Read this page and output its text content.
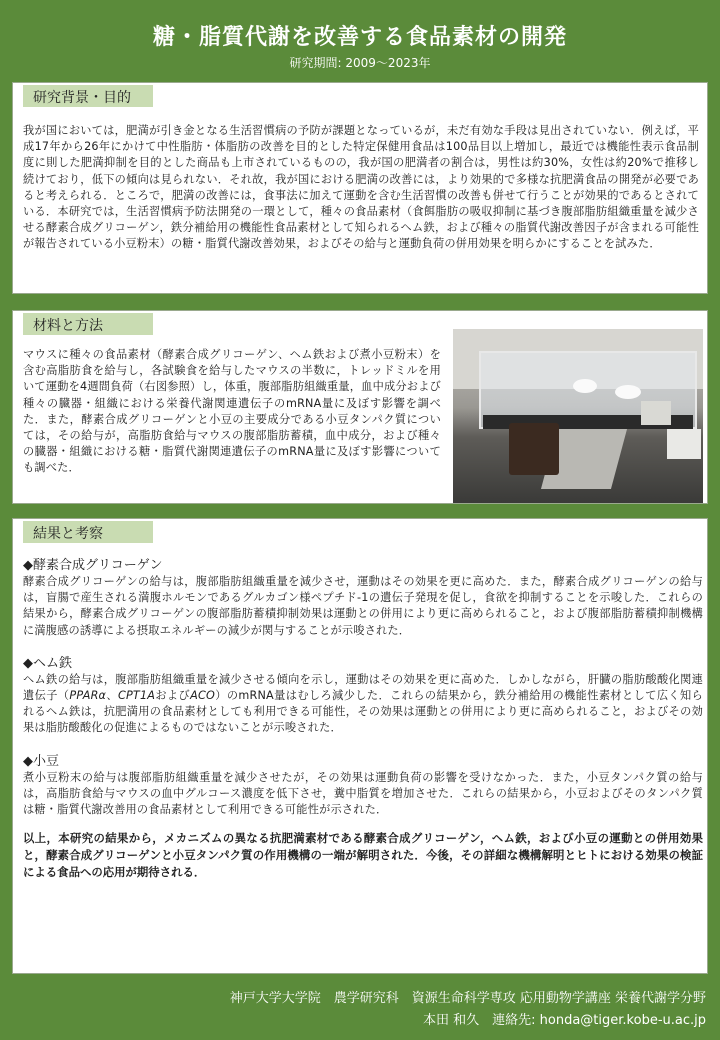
糖・脂質代謝を改善する食品素材の開発
研究期間: 2009〜2023年
研究背景・目的
我が国においては，肥満が引き金となる生活習慣病の予防が課題となっているが，未だ有効な手段は見出されていない．例えば，平成17年から26年にかけて中性脂肪・体脂肪の改善を目的とした特定保健用食品は100品目以上増加し，最近では機能性表示食品制度に則した肥満抑制を目的とした商品も上市されているものの，我が国の肥満者の割合は，男性は約30%，女性は約20%で推移し続けており，低下の傾向は見られない．それ故，我が国における肥満の改善には，より効果的で多様な抗肥満食品の開発が必要であると考えられる．ところで，肥満の改善には，食事法に加えて運動を含む生活習慣の改善も併せて行うことが効果的であるとされている．本研究では，生活習慣病予防法開発の一環として，種々の食品素材（食餌脂肪の吸収抑制に基づき腹部脂肪組織重量を減少させる酵素合成グリコーゲン，鉄分補給用の機能性食品素材として知られるヘム鉄，および種々の脂質代謝改善因子が含まれる可能性が報告されている小豆粉末）の糖・脂質代謝改善効果，およびその給与と運動負荷の併用効果を明らかにすることを試みた．
材料と方法
マウスに種々の食品素材（酵素合成グリコーゲン、ヘム鉄および煮小豆粉末）を含む高脂肪食を給与し，各試験食を給与したマウスの半数に，トレッドミルを用いて運動を4週間負荷（右図参照）し，体重，腹部脂肪組織重量，血中成分および種々の臓器・組織における栄養代謝関連遺伝子のmRNA量に及ぼす影響を調べた．また，酵素合成グリコーゲンと小豆の主要成分である小豆タンパク質については，その給与が，高脂肪食給与マウスの腹部脂肪蓄積，血中成分，および種々の臓器・組織における糖・脂質代謝関連遺伝子のmRNA量に及ぼす影響についても調べた．
結果と考察
◆酵素合成グリコーゲン
酵素合成グリコーゲンの給与は，腹部脂肪組織重量を減少させ，運動はその効果を更に高めた．また，酵素合成グリコーゲンの給与は，盲腸で産生される満腹ホルモンであるグルカゴン様ペプチド-1の遺伝子発現を促し，食欲を抑制することを示唆した．これらの結果から，酵素合成グリコーゲンの腹部脂肪蓄積抑制効果は運動との併用により更に高められること，および腹部脂肪蓄積抑制機構に満腹感の誘導による摂取エネルギーの減少が関与することが示唆された．
◆ヘム鉄
ヘム鉄の給与は，腹部脂肪組織重量を減少させる傾向を示し，運動はその効果を更に高めた．しかしながら，肝臓の脂肪酸酸化関連遺伝子（PPARα、CPT1AおよびACO）のmRNA量はむしろ減少した．これらの結果から，鉄分補給用の機能性素材として広く知られるヘム鉄は，抗肥満用の食品素材としても利用できる可能性，その効果は運動との併用により更に高められること，およびその効果は脂肪酸酸化の促進によるものではないことが示唆された．
◆小豆
煮小豆粉末の給与は腹部脂肪組織重量を減少させたが，その効果は運動負荷の影響を受けなかった．また，小豆タンパク質の給与は，高脂肪食給与マウスの血中グルコース濃度を低下させ，糞中脂質を増加させた．これらの結果から，小豆およびそのタンパク質は糖・脂質代謝改善用の食品素材として利用できる可能性が示された．
以上，本研究の結果から，メカニズムの異なる抗肥満素材である酵素合成グリコーゲン，ヘム鉄，および小豆の運動との併用効果と，酵素合成グリコーゲンと小豆タンパク質の作用機構の一端が解明された．今後，その詳細な機構解明とヒトにおける効果の検証による食品への応用が期待される．
神戸大学大学院　農学研究科　資源生命科学専攻 応用動物学講座 栄養代謝学分野
本田 和久　連絡先: honda@tiger.kobe-u.ac.jp
